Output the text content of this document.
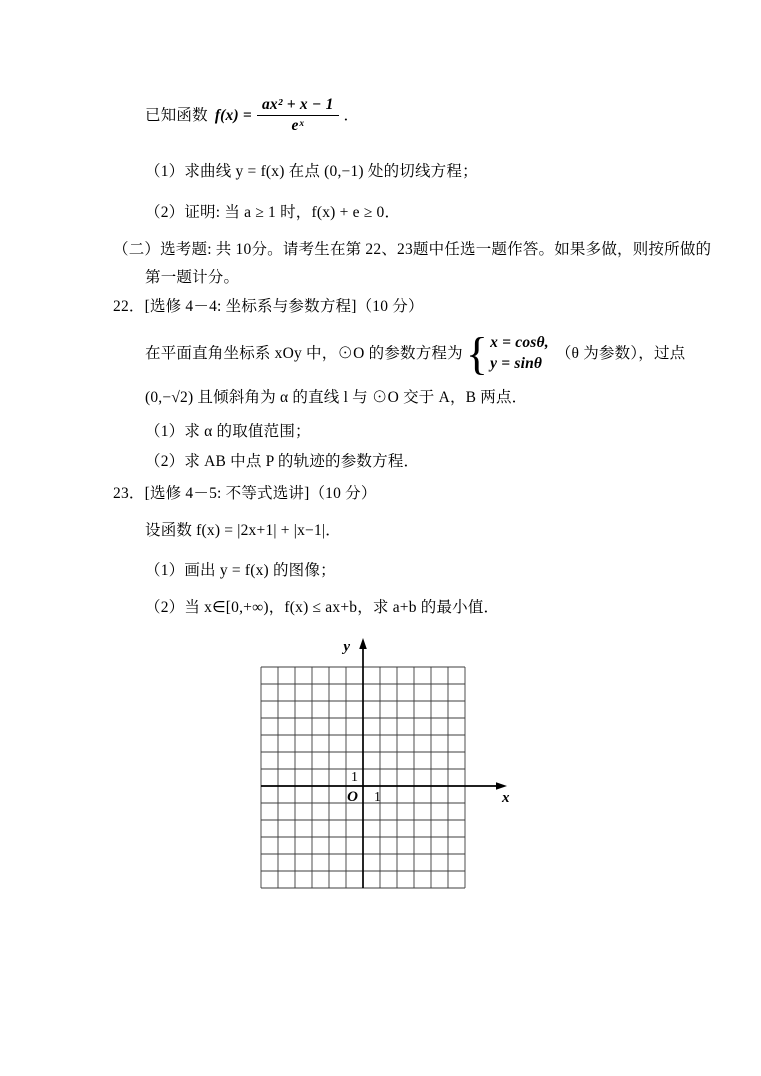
已知函数 $f(x) = \frac{\text{ax² + x − 1}}{\text{eˣ}}$ ．
（1）求曲线 y = f(x) 在点 (0,−1) 处的切线方程；
（2）证明: 当 a ≥ 1 时，f(x) + e ≥ 0．
（二）选考题: 共 10分。请考生在第 22、23题中任选一题作答。如果多做，则按所做的
第一题计分。
22．[选修 4－4: 坐标系与参数方程]（10 分）
在平面直角坐标系 xOy 中，⊙O 的参数方程为 { x = cosθ,
y = sinθ
（θ 为参数），过点
(0,−√2) 且倾斜角为 α 的直线 l 与 ⊙O 交于 A，B 两点．
（1）求 α 的取值范围；
（2）求 AB 中点 P 的轨迹的参数方程．
23．[选修 4－5: 不等式选讲]（10 分）
设函数 f(x) = |2x+1| + |x−1|．
（1）画出 y = f(x) 的图像；
（2）当 x∈[0,+∞)，f(x) ≤ ax+b，求 a+b 的最小值．
y
x
O
1
1
